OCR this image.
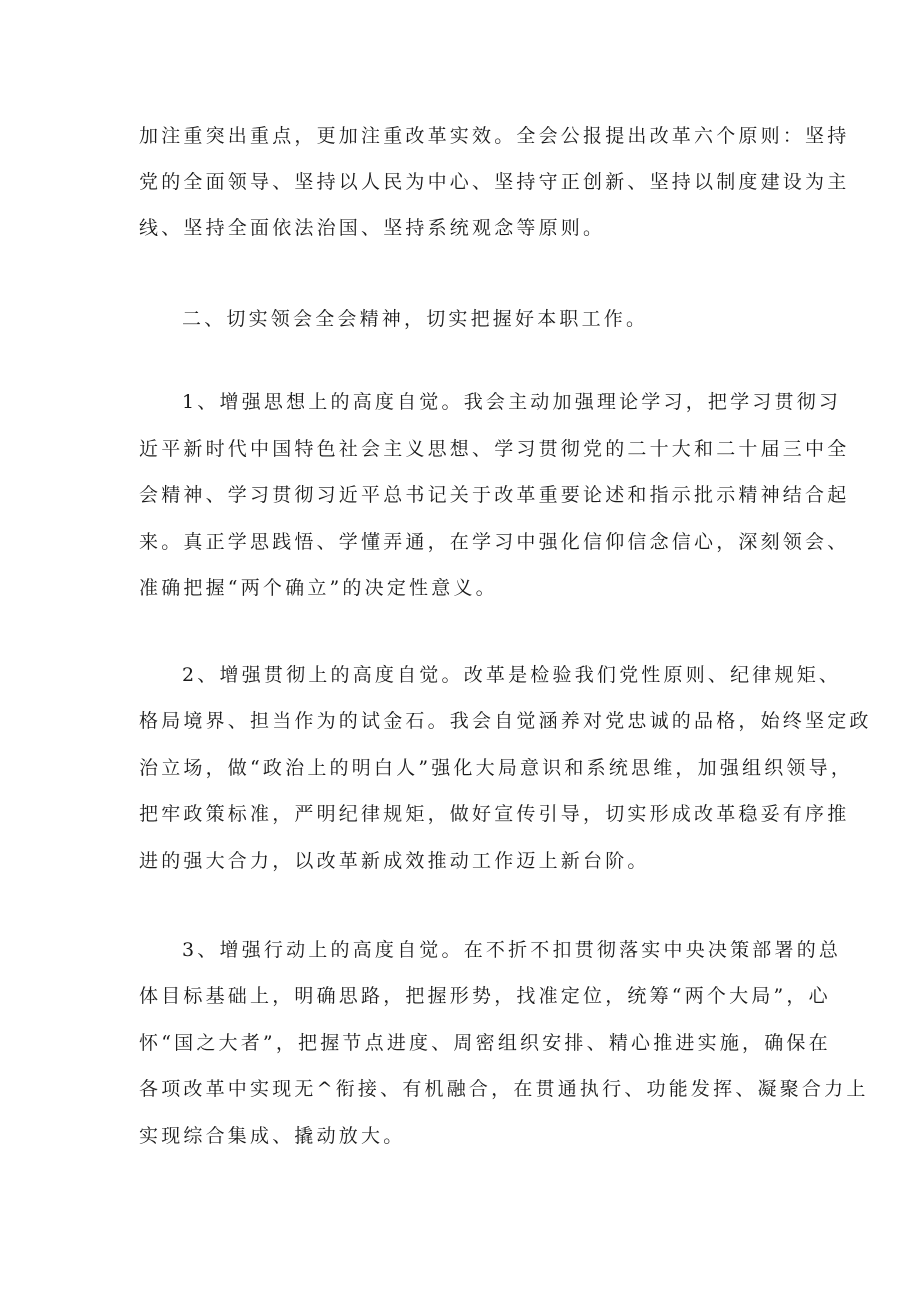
加注重突出重点，更加注重改革实效。全会公报提出改革六个原则：坚持
党的全面领导、坚持以人民为中心、坚持守正创新、坚持以制度建设为主
线、坚持全面依法治国、坚持系统观念等原则。
二、切实领会全会精神，切实把握好本职工作。
1、增强思想上的高度自觉。我会主动加强理论学习，把学习贯彻习
近平新时代中国特色社会主义思想、学习贯彻党的二十大和二十届三中全
会精神、学习贯彻习近平总书记关于改革重要论述和指示批示精神结合起
来。真正学思践悟、学懂弄通，在学习中强化信仰信念信心，深刻领会、
准确把握“两个确立”的决定性意义。
2、增强贯彻上的高度自觉。改革是检验我们党性原则、纪律规矩、
格局境界、担当作为的试金石。我会自觉涵养对党忠诚的品格，始终坚定政
治立场，做“政治上的明白人”强化大局意识和系统思维，加强组织领导，
把牢政策标准，严明纪律规矩，做好宣传引导，切实形成改革稳妥有序推
进的强大合力，以改革新成效推动工作迈上新台阶。
3、增强行动上的高度自觉。在不折不扣贯彻落实中央决策部署的总
体目标基础上，明确思路，把握形势，找准定位，统筹“两个大局”，心
怀“国之大者”，把握节点进度、周密组织安排、精心推进实施，确保在
各项改革中实现无^衔接、有机融合，在贯通执行、功能发挥、凝聚合力上
实现综合集成、撬动放大。
